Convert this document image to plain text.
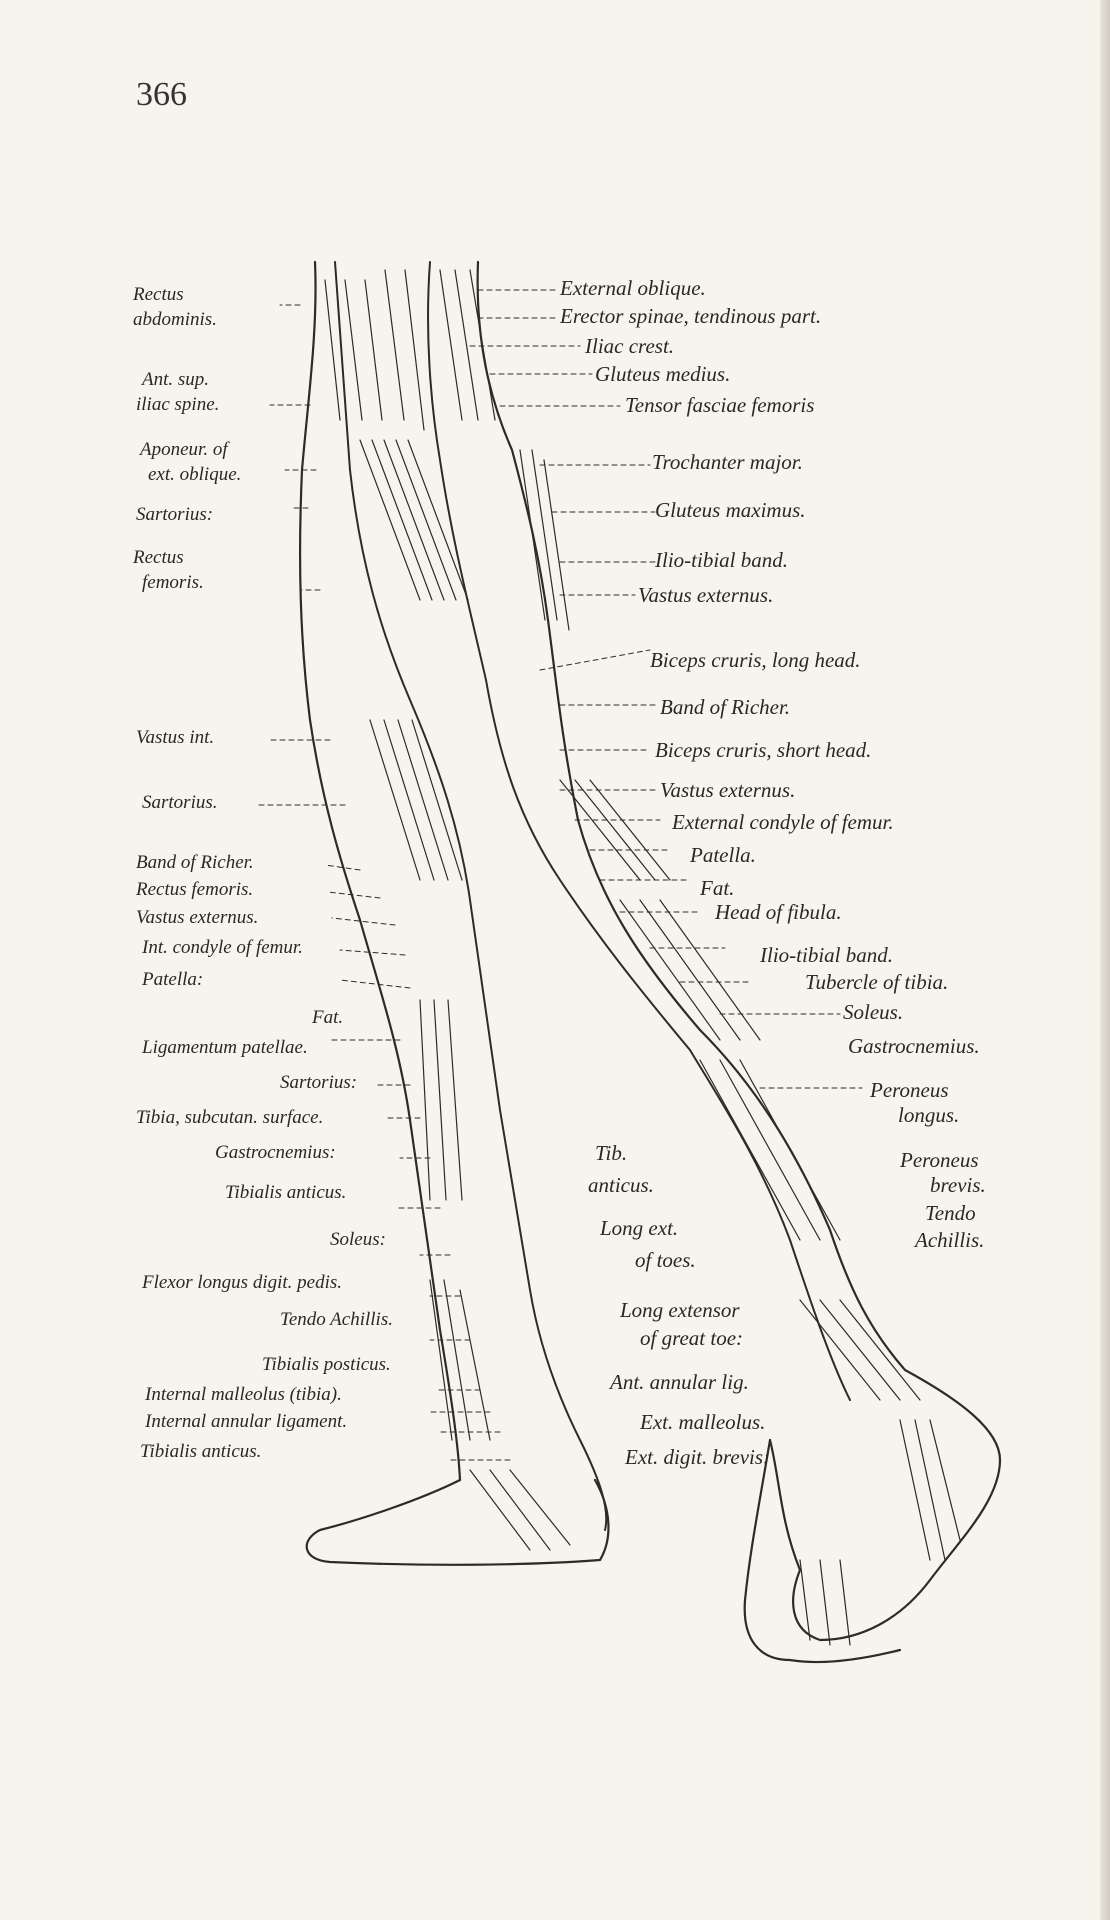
366
External oblique.
Erector spinae, tendinous part.
Iliac crest.
Gluteus medius.
Tensor fasciae femoris
Trochanter major.
Gluteus maximus.
Ilio-tibial band.
Vastus externus.
Biceps cruris, long head.
Band of Richer.
Biceps cruris, short head.
Vastus externus.
External condyle of femur.
Patella.
Fat.
Head of fibula.
Ilio-tibial band.
Tubercle of tibia.
Soleus.
Gastrocnemius.
Peroneus
longus.
Peroneus
brevis.
Tendo
Achillis.
Rectus
abdominis.
Ant. sup.
iliac spine.
Aponeur. of
ext. oblique.
Sartorius:
Rectus
femoris.
Vastus int.
Sartorius.
Band of Richer.
Rectus femoris.
Vastus externus.
Int. condyle of femur.
Patella:
Fat.
Ligamentum patellae.
Sartorius:
Tibia, subcutan. surface.
Gastrocnemius:
Tibialis anticus.
Soleus:
Flexor longus digit. pedis.
Tendo Achillis.
Tibialis posticus.
Internal malleolus (tibia).
Internal annular ligament.
Tibialis anticus.
Tib.
anticus.
Long ext.
of toes.
Long extensor
of great toe:
Ant. annular lig.
Ext. malleolus.
Ext. digit. brevis:
